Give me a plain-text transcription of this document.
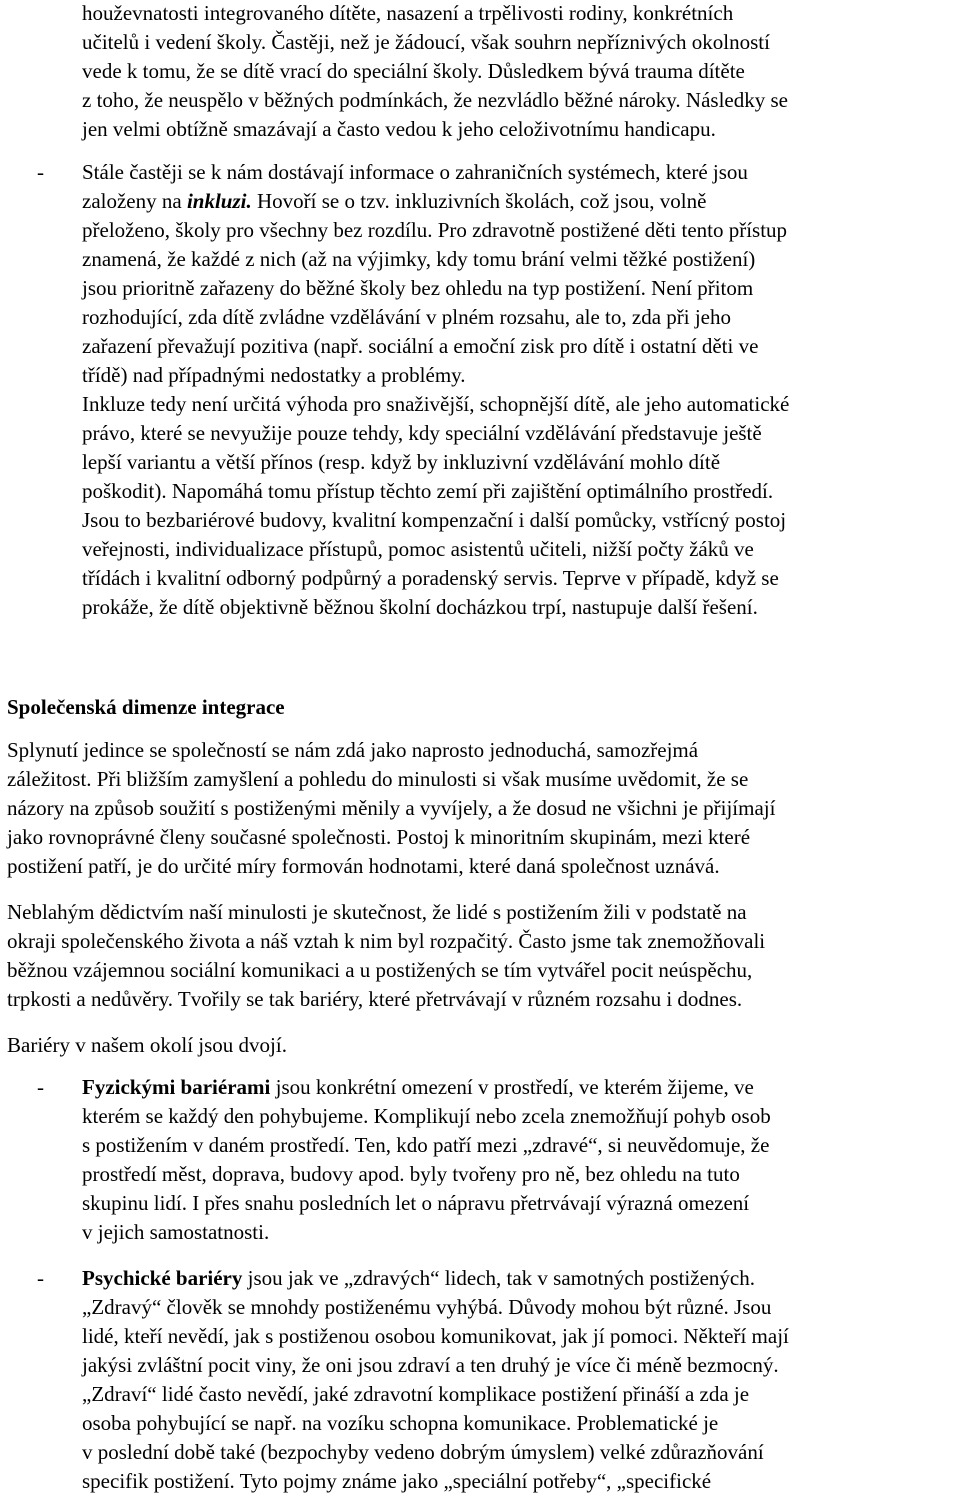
houževnatosti integrovaného dítěte, nasazení a trpělivosti rodiny, konkrétních
učitelů i vedení školy. Častěji, než je žádoucí, však souhrn nepříznivých okolností
vede k tomu, že se dítě vrací do speciální školy. Důsledkem bývá trauma dítěte
z toho, že neuspělo v běžných podmínkách, že nezvládlo běžné nároky. Následky se
jen velmi obtížně smazávají a často vedou k jeho celoživotnímu handicapu.
- Stále častěji se k nám dostávají informace o zahraničních systémech, které jsou
založeny na inkluzi. Hovoří se o tzv. inkluzivních školách, což jsou, volně
přeloženo, školy pro všechny bez rozdílu. Pro zdravotně postižené děti tento přístup
znamená, že každé z nich (až na výjimky, kdy tomu brání velmi těžké postižení)
jsou prioritně zařazeny do běžné školy bez ohledu na typ postižení. Není přitom
rozhodující, zda dítě zvládne vzdělávání v plném rozsahu, ale to, zda při jeho
zařazení převažují pozitiva (např. sociální a emoční zisk pro dítě i ostatní děti ve
třídě) nad případnými nedostatky a problémy.
Inkluze tedy není určitá výhoda pro snaživější, schopnější dítě, ale jeho automatické
právo, které se nevyužije pouze tehdy, kdy speciální vzdělávání představuje ještě
lepší variantu a větší přínos (resp. když by inkluzivní vzdělávání mohlo dítě
poškodit). Napomáhá tomu přístup těchto zemí při zajištění optimálního prostředí.
Jsou to bezbariérové budovy, kvalitní kompenzační i další pomůcky, vstřícný postoj
veřejnosti, individualizace přístupů, pomoc asistentů učiteli, nižší počty žáků ve
třídách i kvalitní odborný podpůrný a poradenský servis. Teprve v případě, když se
prokáže, že dítě objektivně běžnou školní docházkou trpí, nastupuje další řešení.
Společenská dimenze integrace
Splynutí jedince se společností se nám zdá jako naprosto jednoduchá, samozřejmá
záležitost. Při bližším zamyšlení a pohledu do minulosti si však musíme uvědomit, že se
názory na způsob soužití s postiženými měnily a vyvíjely, a že dosud ne všichni je přijímají
jako rovnoprávné členy současné společnosti. Postoj k minoritním skupinám, mezi které
postižení patří, je do určité míry formován hodnotami, které daná společnost uznává.
Neblahým dědictvím naší minulosti je skutečnost, že lidé s postižením žili v podstatě na
okraji společenského života a náš vztah k nim byl rozpačitý. Často jsme tak znemožňovali
běžnou vzájemnou sociální komunikaci a u postižených se tím vytvářel pocit neúspěchu,
trpkosti a nedůvěry. Tvořily se tak bariéry, které přetrvávají v různém rozsahu i dodnes.
Bariéry v našem okolí jsou dvojí.
- Fyzickými bariérami jsou konkrétní omezení v prostředí, ve kterém žijeme, ve
kterém se každý den pohybujeme. Komplikují nebo zcela znemožňují pohyb osob
s postižením v daném prostředí. Ten, kdo patří mezi „zdravé“, si neuvědomuje, že
prostředí měst, doprava, budovy apod. byly tvořeny pro ně, bez ohledu na tuto
skupinu lidí. I přes snahu posledních let o nápravu přetrvávají výrazná omezení
v jejich samostatnosti.
- Psychické bariéry jsou jak ve „zdravých“ lidech, tak v samotných postižených.
„Zdravý“ člověk se mnohdy postiženému vyhýbá. Důvody mohou být různé. Jsou
lidé, kteří nevědí, jak s postiženou osobou komunikovat, jak jí pomoci. Někteří mají
jakýsi zvláštní pocit viny, že oni jsou zdraví a ten druhý je více či méně bezmocný.
„Zdraví“ lidé často nevědí, jaké zdravotní komplikace postižení přináší a zda je
osoba pohybující se např. na vozíku schopna komunikace. Problematické je
v poslední době také (bezpochyby vedeno dobrým úmyslem) velké zdůrazňování
specifik postižení. Tyto pojmy známe jako „speciální potřeby“, „specifické
